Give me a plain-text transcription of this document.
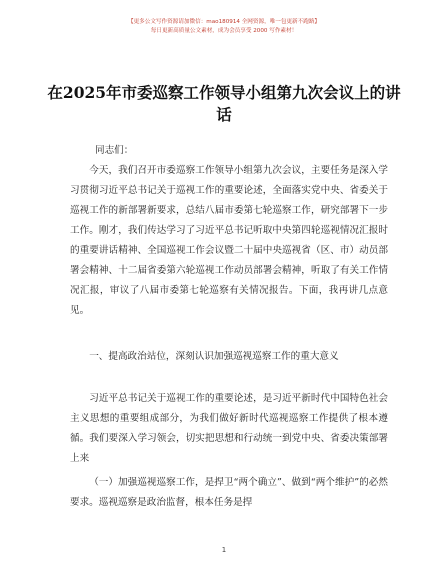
【更多公文写作资源请加微信：mao180914 全网资源，唯一包更新不跑路】
每日更新高质量公文素材，成为会员享受 2000 写作素材！
在2025年市委巡察工作领导小组第九次会议上的讲话
同志们：
今天，我们召开市委巡察工作领导小组第九次会议，主要任务是深入学习贯彻习近平总书记关于巡视工作的重要论述，全面落实党中央、省委关于巡视工作的新部署新要求，总结八届市委第七轮巡察工作，研究部署下一步工作。刚才，我们传达学习了习近平总书记听取中央第四轮巡视情况汇报时的重要讲话精神、全国巡视工作会议暨二十届中央巡视省（区、市）动员部署会精神、十二届省委第六轮巡视工作动员部署会精神，听取了有关工作情况汇报，审议了八届市委第七轮巡察有关情况报告。下面，我再讲几点意见。
一、提高政治站位，深刻认识加强巡视巡察工作的重大意义
习近平总书记关于巡视工作的重要论述，是习近平新时代中国特色社会主义思想的重要组成部分，为我们做好新时代巡视巡察工作提供了根本遵循。我们要深入学习领会，切实把思想和行动统一到党中央、省委决策部署上来
（一）加强巡视巡察工作，是捍卫“两个确立”、做到“两个维护”的必然要求。巡视巡察是政治监督，根本任务是捍
1
